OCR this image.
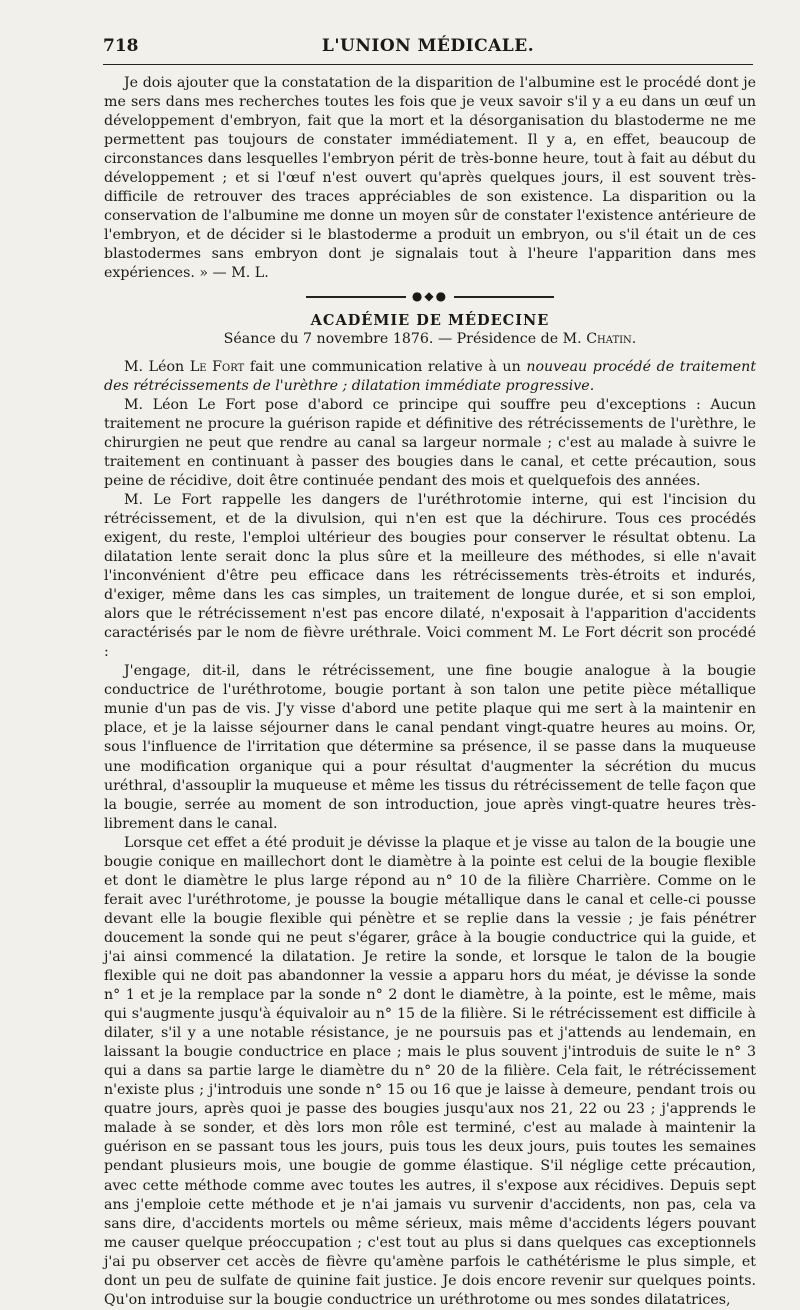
718	L'UNION MÉDICALE.

Je dois ajouter que la constatation de la disparition de l'albumine est le procédé dont je me sers dans mes recherches toutes les fois que je veux savoir s'il y a eu dans un œuf un développement d'embryon, fait que la mort et la désorganisation du blastoderme ne me permettent pas toujours de constater immédiatement. Il y a, en effet, beaucoup de circonstances dans lesquelles l'embryon périt de très-bonne heure, tout à fait au début du développement ; et si l'œuf n'est ouvert qu'après quelques jours, il est souvent très-difficile de retrouver des traces appréciables de son existence. La disparition ou la conservation de l'albumine me donne un moyen sûr de constater l'existence antérieure de l'embryon, et de décider si le blastoderme a produit un embryon, ou s'il était un de ces blastodermes sans embryon dont je signalais tout à l'heure l'apparition dans mes expériences. » — M. L.

●◆●
ACADÉMIE DE MÉDECINE
Séance du 7 novembre 1876. — Présidence de M. Chatin.

M. Léon Le Fort fait une communication relative à un nouveau procédé de traitement des rétrécissements de l'urèthre ; dilatation immédiate progressive.

M. Léon Le Fort pose d'abord ce principe qui souffre peu d'exceptions : Aucun traitement ne procure la guérison rapide et définitive des rétrécissements de l'urèthre, le chirurgien ne peut que rendre au canal sa largeur normale ; c'est au malade à suivre le traitement en continuant à passer des bougies dans le canal, et cette précaution, sous peine de récidive, doit être continuée pendant des mois et quelquefois des années.

M. Le Fort rappelle les dangers de l'uréthrotomie interne, qui est l'incision du rétrécissement, et de la divulsion, qui n'en est que la déchirure. Tous ces procédés exigent, du reste, l'emploi ultérieur des bougies pour conserver le résultat obtenu. La dilatation lente serait donc la plus sûre et la meilleure des méthodes, si elle n'avait l'inconvénient d'être peu efficace dans les rétrécissements très-étroits et indurés, d'exiger, même dans les cas simples, un traitement de longue durée, et si son emploi, alors que le rétrécissement n'est pas encore dilaté, n'exposait à l'apparition d'accidents caractérisés par le nom de fièvre uréthrale. Voici comment M. Le Fort décrit son procédé :

J'engage, dit-il, dans le rétrécissement, une fine bougie analogue à la bougie conductrice de l'uréthrotome, bougie portant à son talon une petite pièce métallique munie d'un pas de vis. J'y visse d'abord une petite plaque qui me sert à la maintenir en place, et je la laisse séjourner dans le canal pendant vingt-quatre heures au moins. Or, sous l'influence de l'irritation que détermine sa présence, il se passe dans la muqueuse une modification organique qui a pour résultat d'augmenter la sécrétion du mucus uréthral, d'assouplir la muqueuse et même les tissus du rétrécissement de telle façon que la bougie, serrée au moment de son introduction, joue après vingt-quatre heures très-librement dans le canal.

Lorsque cet effet a été produit je dévisse la plaque et je visse au talon de la bougie une bougie conique en maillechort dont le diamètre à la pointe est celui de la bougie flexible et dont le diamètre le plus large répond au n° 10 de la filière Charrière. Comme on le ferait avec l'uréthrotome, je pousse la bougie métallique dans le canal et celle-ci pousse devant elle la bougie flexible qui pénètre et se replie dans la vessie ; je fais pénétrer doucement la sonde qui ne peut s'égarer, grâce à la bougie conductrice qui la guide, et j'ai ainsi commencé la dilatation. Je retire la sonde, et lorsque le talon de la bougie flexible qui ne doit pas abandonner la vessie a apparu hors du méat, je dévisse la sonde n° 1 et je la remplace par la sonde n° 2 dont le diamètre, à la pointe, est le même, mais qui s'augmente jusqu'à équivaloir au n° 15 de la filière. Si le rétrécissement est difficile à dilater, s'il y a une notable résistance, je ne poursuis pas et j'attends au lendemain, en laissant la bougie conductrice en place ; mais le plus souvent j'introduis de suite le n° 3 qui a dans sa partie large le diamètre du n° 20 de la filière. Cela fait, le rétrécissement n'existe plus ; j'introduis une sonde n° 15 ou 16 que je laisse à demeure, pendant trois ou quatre jours, après quoi je passe des bougies jusqu'aux nos 21, 22 ou 23 ; j'apprends le malade à se sonder, et dès lors mon rôle est terminé, c'est au malade à maintenir la guérison en se passant tous les jours, puis tous les deux jours, puis toutes les semaines pendant plusieurs mois, une bougie de gomme élastique. S'il néglige cette précaution, avec cette méthode comme avec toutes les autres, il s'expose aux récidives. Depuis sept ans j'emploie cette méthode et je n'ai jamais vu survenir d'accidents, non pas, cela va sans dire, d'accidents mortels ou même sérieux, mais même d'accidents légers pouvant me causer quelque préoccupation ; c'est tout au plus si dans quelques cas exceptionnels j'ai pu observer cet accès de fièvre qu'amène parfois le cathétérisme le plus simple, et dont un peu de sulfate de quinine fait justice. Je dois encore revenir sur quelques points. Qu'on introduise sur la bougie conductrice un uréthrotome ou mes sondes dilatatrices,
